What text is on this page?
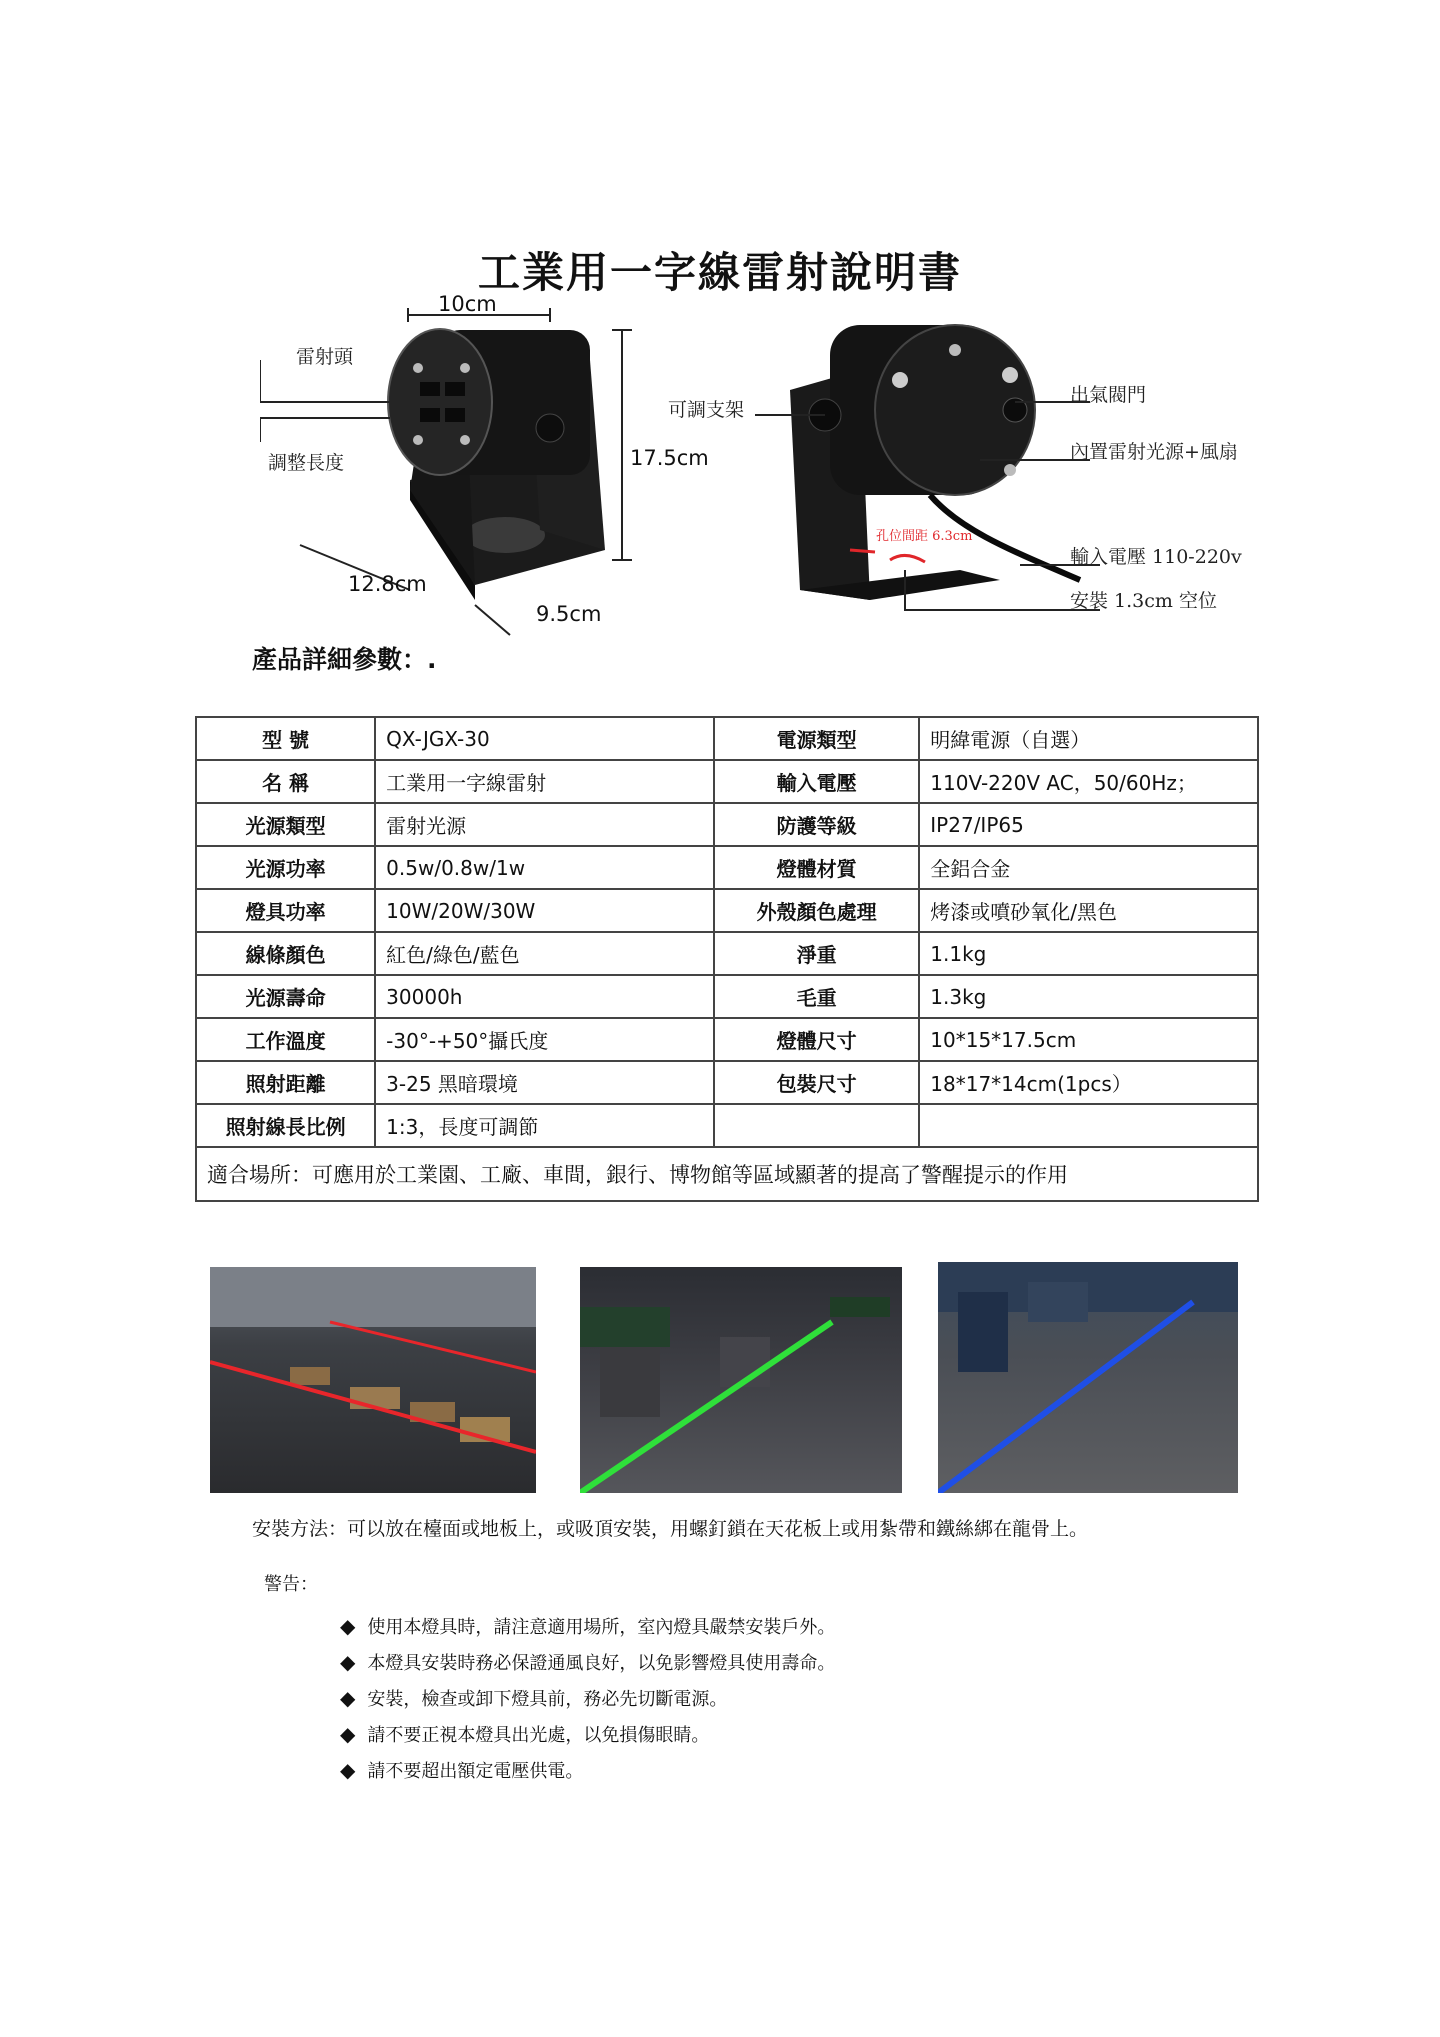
工業用一字線雷射說明書
雷射頭
調整長度
10cm
17.5cm
12.8cm
9.5cm
可調支架
出氣閥門
內置雷射光源+風扇
孔位間距 6.3cm
輸入電壓 110-220v
安裝 1.3cm 空位
產品詳細參數：.
型 號	QX-JGX-30	電源類型	明緯電源（自選）
名 稱	工業用一字線雷射	輸入電壓	110V-220V AC，50/60Hz；
光源類型	雷射光源	防護等級	IP27/IP65
光源功率	0.5w/0.8w/1w	燈體材質	全鋁合金
燈具功率	10W/20W/30W	外殼顏色處理	烤漆或噴砂氧化/黑色
線條顏色	紅色/綠色/藍色	淨重	1.1kg
光源壽命	30000h	毛重	1.3kg
工作溫度	-30°-+50°攝氏度	燈體尺寸	10*15*17.5cm
照射距離	3-25 黑暗環境	包裝尺寸	18*17*14cm(1pcs）
照射線長比例	1:3，長度可調節		
適合場所：可應用於工業園、工廠、車間，銀行、博物館等區域顯著的提高了警醒提示的作用			
安裝方法：可以放在檯面或地板上，或吸頂安裝，用螺釘鎖在天花板上或用紮帶和鐵絲綁在龍骨上。
警告：
◆ 使用本燈具時，請注意適用場所，室內燈具嚴禁安裝戶外。
◆ 本燈具安裝時務必保證通風良好，以免影響燈具使用壽命。
◆ 安裝，檢查或卸下燈具前，務必先切斷電源。
◆ 請不要正視本燈具出光處，以免損傷眼睛。
◆ 請不要超出額定電壓供電。
